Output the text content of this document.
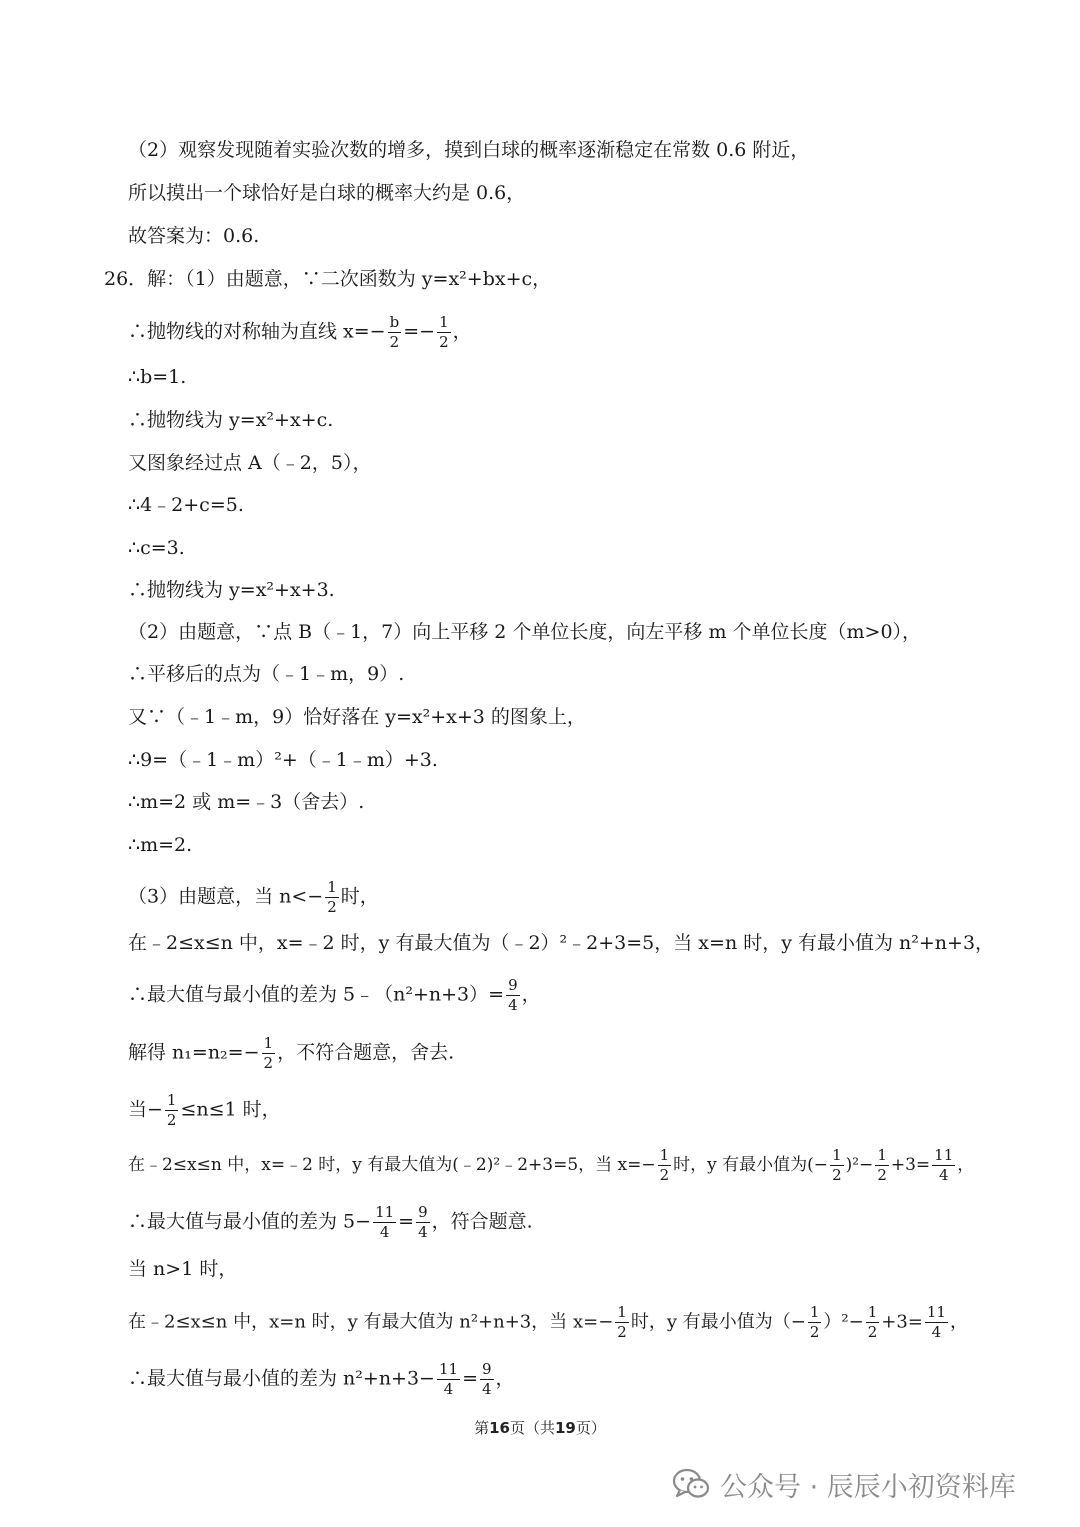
（2）观察发现随着实验次数的增多，摸到白球的概率逐渐稳定在常数 0.6 附近，
所以摸出一个球恰好是白球的概率大约是 0.6，
故答案为：0.6.
26．解：（1）由题意，∵二次函数为 y=x²+bx+c，
∴抛物线的对称轴为直线 $x=- \frac{b}{2} =- \frac{1}{2}$ ，
∴b=1.
∴抛物线为 y=x²+x+c.
又图象经过点 A（﹣2，5），
∴4﹣2+c=5.
∴c=3.
∴抛物线为 y=x²+x+3.
（2）由题意，∵点 B（﹣1，7）向上平移 2 个单位长度，向左平移 m 个单位长度（m>0），
∴平移后的点为（﹣1﹣m，9）.
又∵（﹣1﹣m，9）恰好落在 y=x²+x+3 的图象上，
∴9=（﹣1﹣m）²+（﹣1﹣m）+3.
∴m=2 或 m=﹣3（舍去）.
∴m=2.
（3）由题意，当 $n<- \frac{1}{2}$ 时，
在﹣2≤x≤n 中，x=﹣2 时，y 有最大值为（﹣2）²﹣2+3=5，当 x=n 时，y 有最小值为 n²+n+3，
∴最大值与最小值的差为 5﹣（n²+n+3）= $\frac{9}{4}$ ，
解得 $n_1=n_2=- \frac{1}{2}$ ，不符合题意，舍去.
当− $\frac{1}{2} \le n\le 1$ 时，
在﹣2≤x≤n 中，x=﹣2 时，y 有最大值为(﹣2)²﹣2+3=5，当 $x=- \frac{1}{2}$ 时，y 有最小值为(− $\frac{1}{2} )^2- \frac{1}{2} +3= \frac{11}{4}$ ，
∴最大值与最小值的差为 $5- \frac{11}{4} = \frac{9}{4}$ ，符合题意.
当 n>1 时，
在﹣2≤x≤n 中，x=n 时，y 有最大值为 n²+n+3，当 $x=- \frac{1}{2}$ 时，y 有最小值为（− $\frac{1}{2} )^2- \frac{1}{2} +3= \frac{11}{4}$ ，
∴最大值与最小值的差为 $n^2+n+3- \frac{11}{4} = \frac{9}{4}$ ，
第16页（共19页）
公众号 · 辰辰小初资料库
